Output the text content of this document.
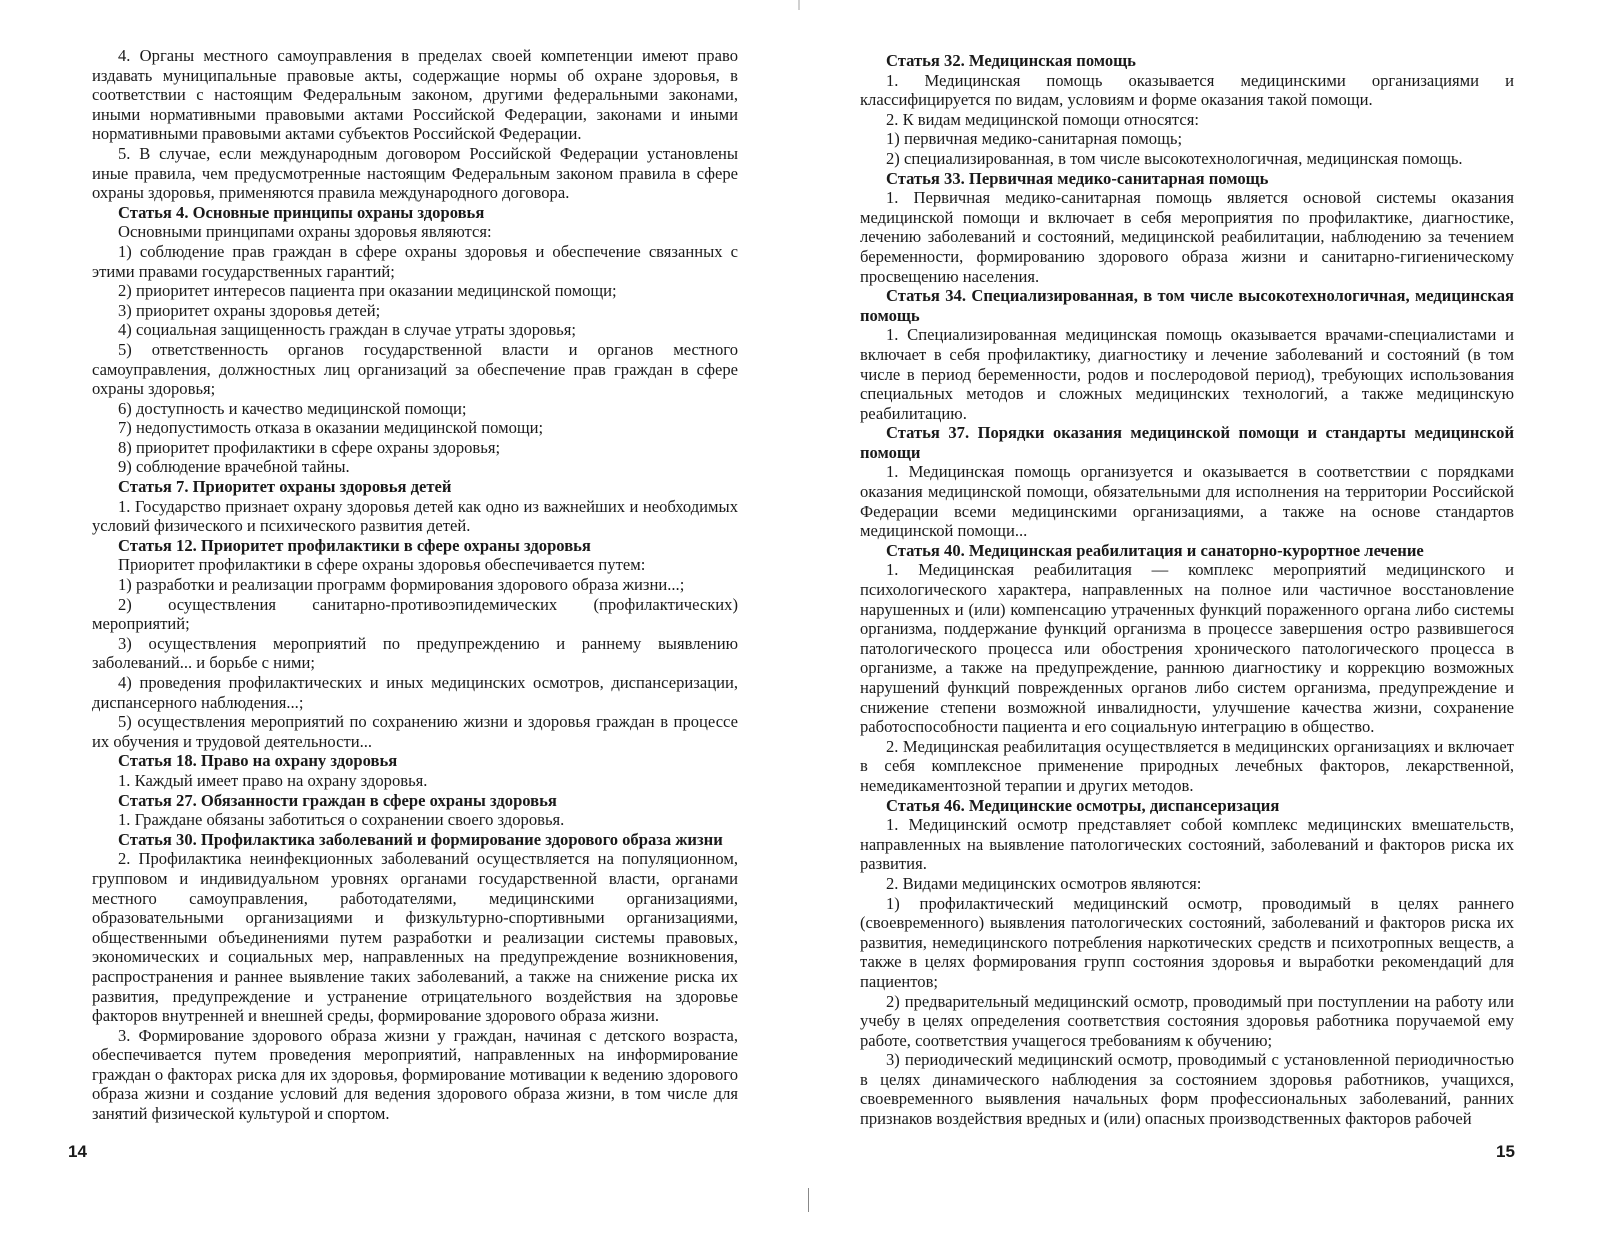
4. Органы местного самоуправления в пределах своей компетенции имеют право издавать муниципальные правовые акты, содержащие нормы об охране здоровья, в соответствии с настоящим Федеральным законом, другими федеральными законами, иными нормативными правовыми актами Российской Федерации, законами и иными нормативными правовыми актами субъектов Российской Федерации.

5. В случае, если международным договором Российской Федерации установлены иные правила, чем предусмотренные настоящим Федеральным законом правила в сфере охраны здоровья, применяются правила международного договора.

Статья 4. Основные принципы охраны здоровья

Основными принципами охраны здоровья являются:

1) соблюдение прав граждан в сфере охраны здоровья и обеспечение связанных с этими правами государственных гарантий;

2) приоритет интересов пациента при оказании медицинской помощи;

3) приоритет охраны здоровья детей;

4) социальная защищенность граждан в случае утраты здоровья;

5) ответственность органов государственной власти и органов местного самоуправления, должностных лиц организаций за обеспечение прав граждан в сфере охраны здоровья;

6) доступность и качество медицинской помощи;

7) недопустимость отказа в оказании медицинской помощи;

8) приоритет профилактики в сфере охраны здоровья;

9) соблюдение врачебной тайны.

Статья 7. Приоритет охраны здоровья детей

1. Государство признает охрану здоровья детей как одно из важнейших и необходимых условий физического и психического развития детей.

Статья 12. Приоритет профилактики в сфере охраны здоровья

Приоритет профилактики в сфере охраны здоровья обеспечивается путем:

1) разработки и реализации программ формирования здорового образа жизни...;

2) осуществления санитарно-противоэпидемических (профилактических) мероприятий;

3) осуществления мероприятий по предупреждению и раннему выявлению заболеваний... и борьбе с ними;

4) проведения профилактических и иных медицинских осмотров, диспансеризации, диспансерного наблюдения...;

5) осуществления мероприятий по сохранению жизни и здоровья граждан в процессе их обучения и трудовой деятельности...

Статья 18. Право на охрану здоровья

1. Каждый имеет право на охрану здоровья.

Статья 27. Обязанности граждан в сфере охраны здоровья

1. Граждане обязаны заботиться о сохранении своего здоровья.

Статья 30. Профилактика заболеваний и формирование здорового образа жизни

2. Профилактика неинфекционных заболеваний осуществляется на популяционном, групповом и индивидуальном уровнях органами государственной власти, органами местного самоуправления, работодателями, медицинскими организациями, образовательными организациями и физкультурно-спортивными организациями, общественными объединениями путем разработки и реализации системы правовых, экономических и социальных мер, направленных на предупреждение возникновения, распространения и раннее выявление таких заболеваний, а также на снижение риска их развития, предупреждение и устранение отрицательного воздействия на здоровье факторов внутренней и внешней среды, формирование здорового образа жизни.

3. Формирование здорового образа жизни у граждан, начиная с детского возраста, обеспечивается путем проведения мероприятий, направленных на информирование граждан о факторах риска для их здоровья, формирование мотивации к ведению здорового образа жизни и создание условий для ведения здорового образа жизни, в том числе для занятий физической культурой и спортом.

14

Статья 32. Медицинская помощь

1. Медицинская помощь оказывается медицинскими организациями и классифицируется по видам, условиям и форме оказания такой помощи.

2. К видам медицинской помощи относятся:

1) первичная медико-санитарная помощь;

2) специализированная, в том числе высокотехнологичная, медицинская помощь.

Статья 33. Первичная медико-санитарная помощь

1. Первичная медико-санитарная помощь является основой системы оказания медицинской помощи и включает в себя мероприятия по профилактике, диагностике, лечению заболеваний и состояний, медицинской реабилитации, наблюдению за течением беременности, формированию здорового образа жизни и санитарно-гигиеническому просвещению населения.

Статья 34. Специализированная, в том числе высокотехнологичная, медицинская помощь

1. Специализированная медицинская помощь оказывается врачами-специалистами и включает в себя профилактику, диагностику и лечение заболеваний и состояний (в том числе в период беременности, родов и послеродовой период), требующих использования специальных методов и сложных медицинских технологий, а также медицинскую реабилитацию.

Статья 37. Порядки оказания медицинской помощи и стандарты медицинской помощи

1. Медицинская помощь организуется и оказывается в соответствии с порядками оказания медицинской помощи, обязательными для исполнения на территории Российской Федерации всеми медицинскими организациями, а также на основе стандартов медицинской помощи...

Статья 40. Медицинская реабилитация и санаторно-курортное лечение

1. Медицинская реабилитация — комплекс мероприятий медицинского и психологического характера, направленных на полное или частичное восстановление нарушенных и (или) компенсацию утраченных функций пораженного органа либо системы организма, поддержание функций организма в процессе завершения остро развившегося патологического процесса или обострения хронического патологического процесса в организме, а также на предупреждение, раннюю диагностику и коррекцию возможных нарушений функций поврежденных органов либо систем организма, предупреждение и снижение степени возможной инвалидности, улучшение качества жизни, сохранение работоспособности пациента и его социальную интеграцию в общество.

2. Медицинская реабилитация осуществляется в медицинских организациях и включает в себя комплексное применение природных лечебных факторов, лекарственной, немедикаментозной терапии и других методов.

Статья 46. Медицинские осмотры, диспансеризация

1. Медицинский осмотр представляет собой комплекс медицинских вмешательств, направленных на выявление патологических состояний, заболеваний и факторов риска их развития.

2. Видами медицинских осмотров являются:

1) профилактический медицинский осмотр, проводимый в целях раннего (своевременного) выявления патологических состояний, заболеваний и факторов риска их развития, немедицинского потребления наркотических средств и психотропных веществ, а также в целях формирования групп состояния здоровья и выработки рекомендаций для пациентов;

2) предварительный медицинский осмотр, проводимый при поступлении на работу или учебу в целях определения соответствия состояния здоровья работника поручаемой ему работе, соответствия учащегося требованиям к обучению;

3) периодический медицинский осмотр, проводимый с установленной периодичностью в целях динамического наблюдения за состоянием здоровья работников, учащихся, своевременного выявления начальных форм профессиональных заболеваний, ранних признаков воздействия вредных и (или) опасных производственных факторов рабочей

15
